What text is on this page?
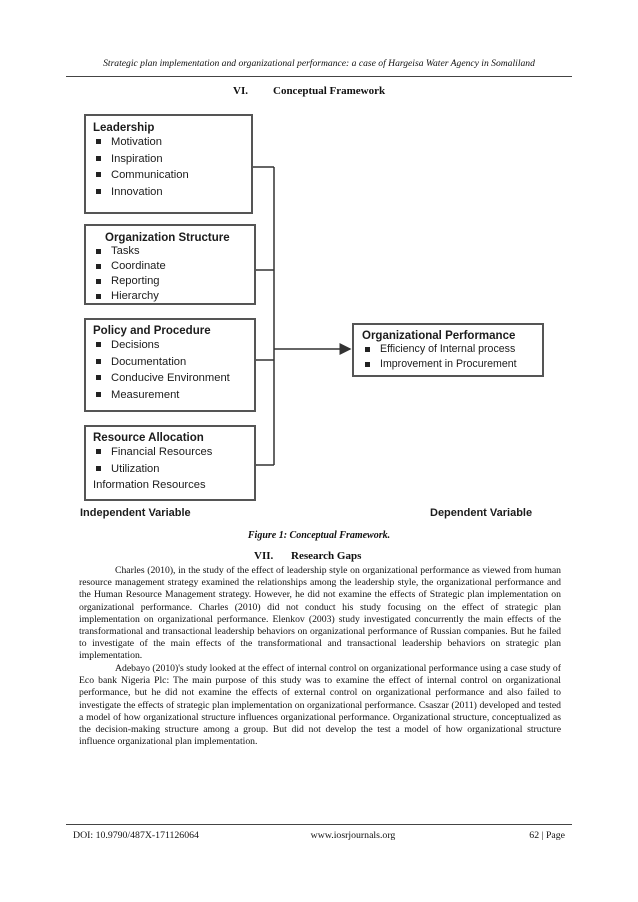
Strategic plan implementation and organizational performance: a case of Hargeisa Water Agency in Somaliland
VI. Conceptual Framework
Leadership
Motivation
Inspiration
Communication
Innovation
Organization Structure
Tasks
Coordinate
Reporting
Hierarchy
Policy and Procedure
Decisions
Documentation
Conducive Environment
Measurement
Resource Allocation
Financial Resources
Utilization
Information Resources
Organizational Performance
Efficiency of Internal process
Improvement in Procurement
Independent Variable	Dependent Variable
Figure 1: Conceptual Framework.
VII. Research Gaps

Charles (2010), in the study of the effect of leadership style on organizational performance as viewed from human resource management strategy examined the relationships among the leadership style, the organizational performance and the Human Resource Management strategy. However, he did not examine the effects of Strategic plan implementation on organizational performance. Charles (2010) did not conduct his study focusing on the effect of strategic plan implementation on organizational performance. Elenkov (2003) study investigated concurrently the main effects of the transformational and transactional leadership behaviors on organizational performance of Russian companies. But he failed to investigate of the main effects of the transformational and transactional leadership behaviors on strategic plan implementation.

Adebayo (2010)'s study looked at the effect of internal control on organizational performance using a case study of Eco bank Nigeria Plc: The main purpose of this study was to examine the effect of internal control on organizational performance, but he did not examine the effects of external control on organizational performance and also failed to investigate the effects of strategic plan implementation on organizational performance. Csaszar (2011) developed and tested a model of how organizational structure influences organizational performance. Organizational structure, conceptualized as the decision-making structure among a group. But did not develop the test a model of how organizational structure influence organizational plan implementation.

DOI: 10.9790/487X-171126064	www.iosrjournals.org	62 | Page
